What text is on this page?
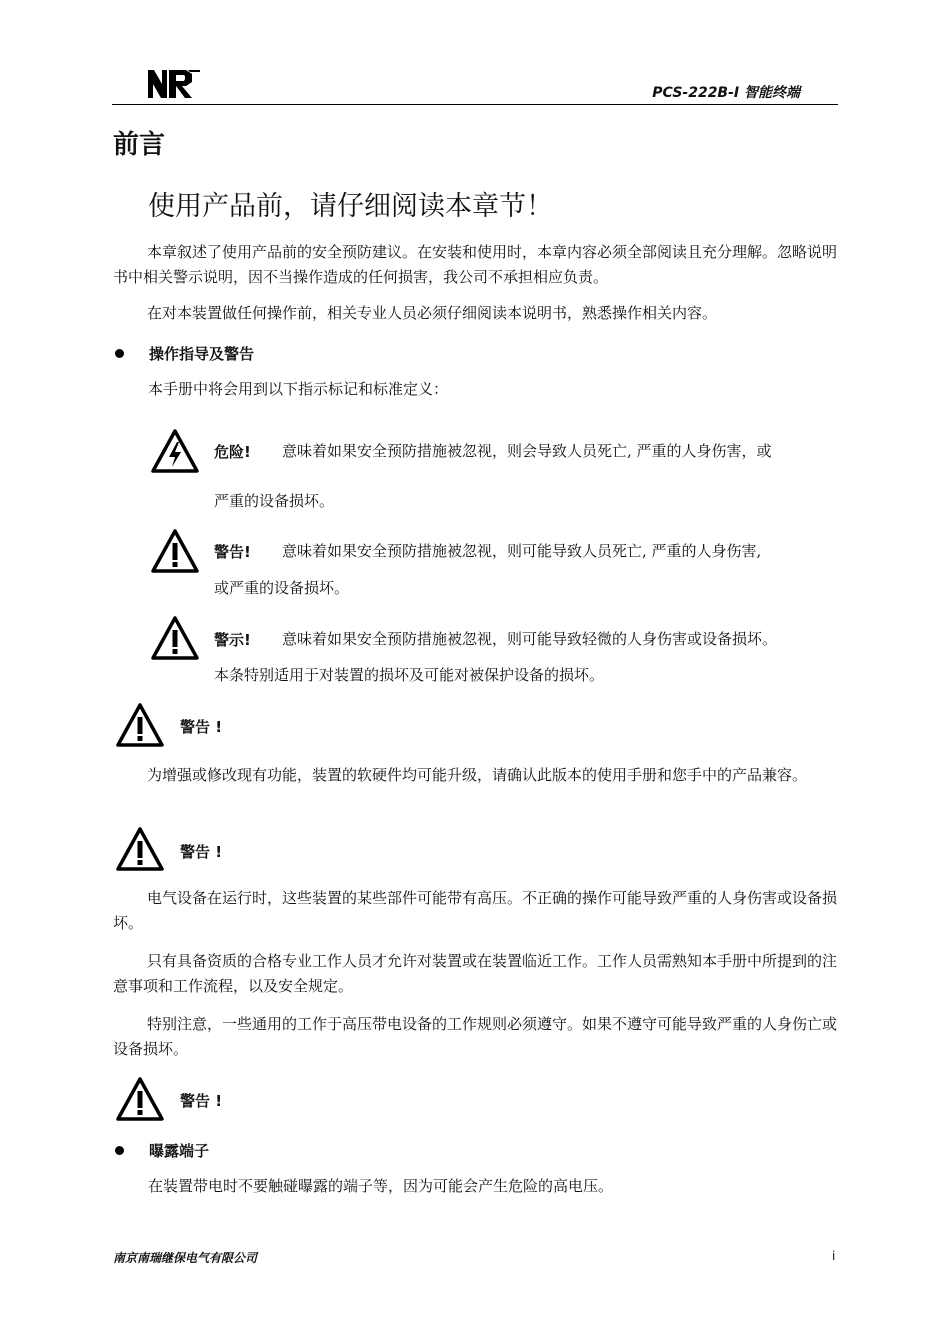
PCS-222B-I 智能终端
前言
使用产品前，请仔细阅读本章节！
本章叙述了使用产品前的安全预防建议。在安装和使用时，本章内容必须全部阅读且充分理解。忽略说明书中相关警示说明，因不当操作造成的任何损害，我公司不承担相应负责。
在对本装置做任何操作前，相关专业人员必须仔细阅读本说明书，熟悉操作相关内容。
操作指导及警告
本手册中将会用到以下指示标记和标准定义：
危险! 意味着如果安全预防措施被忽视，则会导致人员死亡, 严重的人身伤害，或
严重的设备损坏。
警告! 意味着如果安全预防措施被忽视，则可能导致人员死亡, 严重的人身伤害,
或严重的设备损坏。
警示! 意味着如果安全预防措施被忽视，则可能导致轻微的人身伤害或设备损坏。
本条特别适用于对装置的损坏及可能对被保护设备的损坏。
警告 !
为增强或修改现有功能，装置的软硬件均可能升级，请确认此版本的使用手册和您手中的产品兼容。
警告 !
电气设备在运行时，这些装置的某些部件可能带有高压。不正确的操作可能导致严重的人身伤害或设备损坏。
只有具备资质的合格专业工作人员才允许对装置或在装置临近工作。工作人员需熟知本手册中所提到的注意事项和工作流程，以及安全规定。
特别注意，一些通用的工作于高压带电设备的工作规则必须遵守。如果不遵守可能导致严重的人身伤亡或设备损坏。
警告 !
曝露端子
在装置带电时不要触碰曝露的端子等，因为可能会产生危险的高电压。
南京南瑞继保电气有限公司	i
